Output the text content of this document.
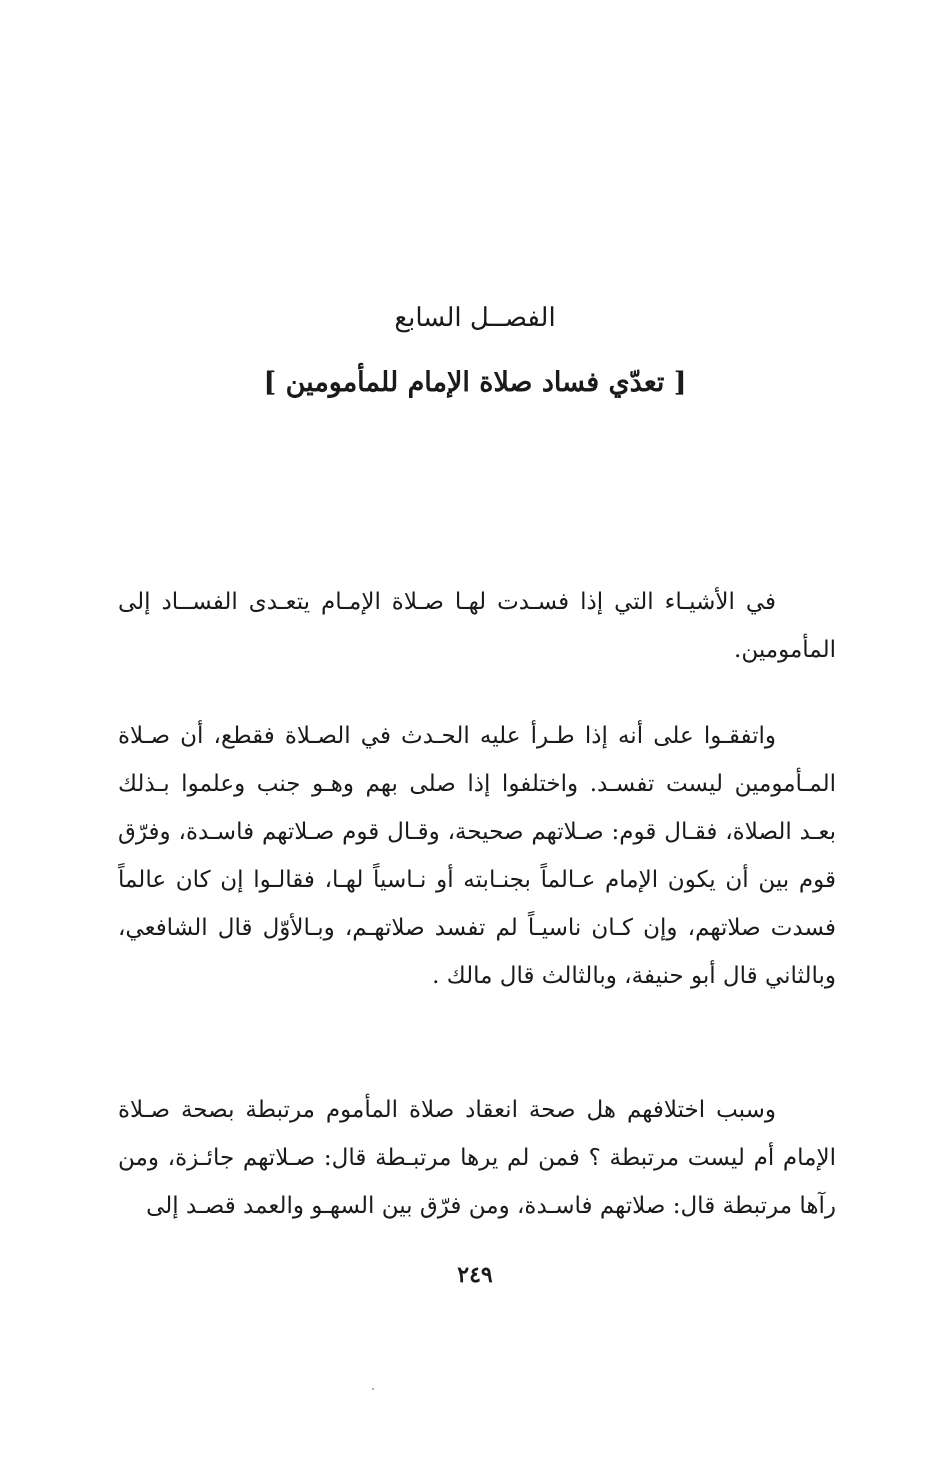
الفصــل السابع
[ تعدّي فساد صلاة الإمام للمأمومين ]

في الأشيـاء التي إذا فسـدت لهـا صـلاة الإمـام يتعـدى الفســاد إلى المأمومين.

واتفقـوا على أنه إذا طـرأ عليه الحـدث في الصـلاة فقطع، أن صـلاة المـأمومين ليست تفسـد. واختلفوا إذا صلى بهم وهـو جنب وعلموا بـذلك بعـد الصلاة، فقـال قوم: صـلاتهم صحيحة، وقـال قوم صـلاتهم فاسـدة، وفرّق قوم بين أن يكون الإمام عـالماً بجنـابته أو نـاسياً لهـا، فقالـوا إن كان عالماً فسدت صلاتهم، وإن كـان ناسيـاً لم تفسد صلاتهـم، وبـالأوّل قال الشافعي، وبالثاني قال أبو حنيفة، وبالثالث قال مالك .

وسبب اختلافهم هل صحة انعقاد صلاة المأموم مرتبطة بصحة صـلاة الإمام أم ليست مرتبطة ؟ فمن لم يرها مرتبـطة قال: صـلاتهم جائـزة، ومن رآها مرتبطة قال: صلاتهم فاسـدة، ومن فرّق بين السهـو والعمد قصـد إلى

٢٤٩
